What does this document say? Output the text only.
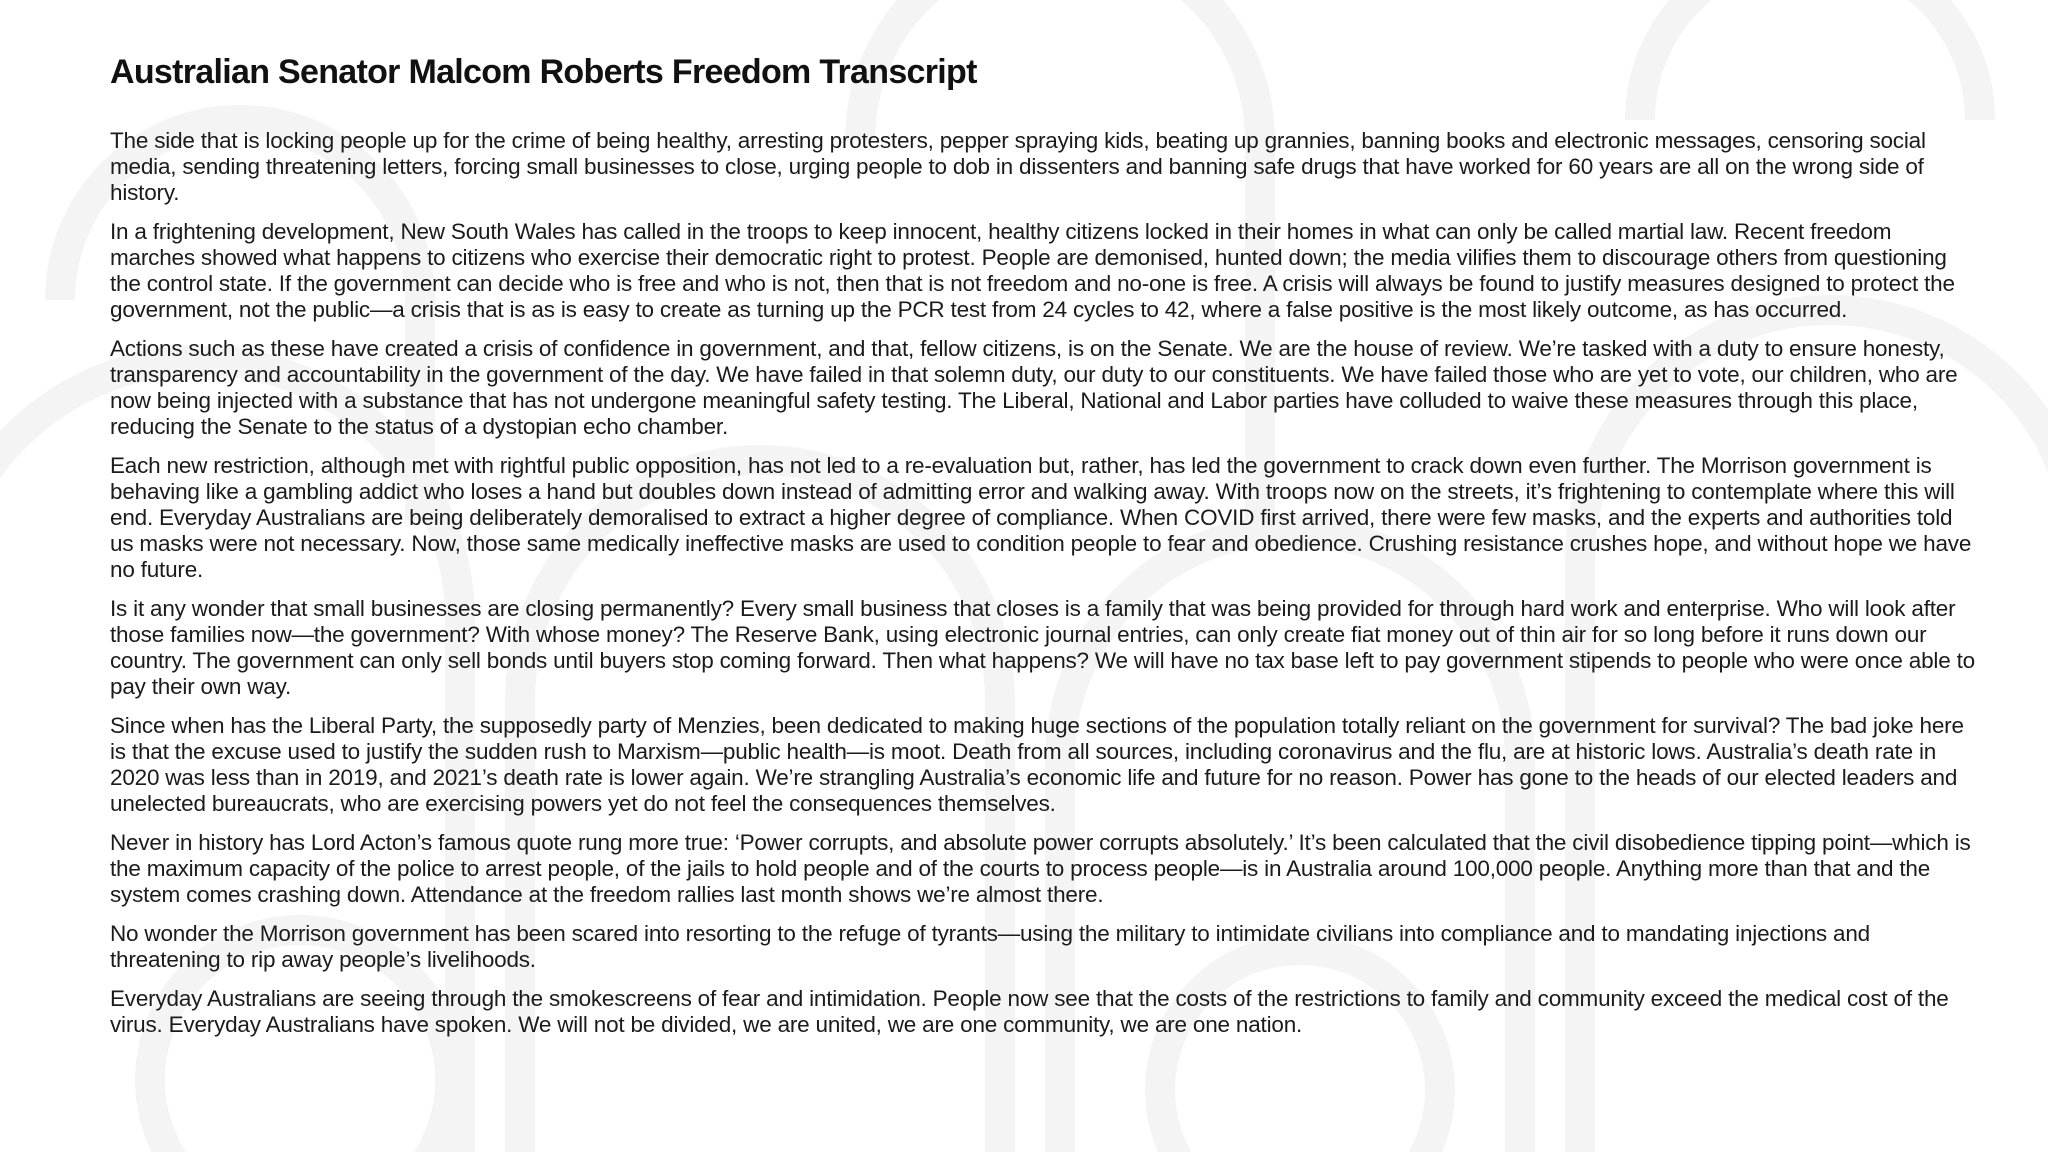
Australian Senator Malcom Roberts Freedom Transcript

The side that is locking people up for the crime of being healthy, arresting protesters, pepper spraying kids, beating up grannies, banning books and electronic messages, censoring social media, sending threatening letters, forcing small businesses to close, urging people to dob in dissenters and banning safe drugs that have worked for 60 years are all on the wrong side of history.

In a frightening development, New South Wales has called in the troops to keep innocent, healthy citizens locked in their homes in what can only be called martial law. Recent freedom marches showed what happens to citizens who exercise their democratic right to protest. People are demonised, hunted down; the media vilifies them to discourage others from questioning the control state. If the government can decide who is free and who is not, then that is not freedom and no-one is free. A crisis will always be found to justify measures designed to protect the government, not the public—a crisis that is as is easy to create as turning up the PCR test from 24 cycles to 42, where a false positive is the most likely outcome, as has occurred.

Actions such as these have created a crisis of confidence in government, and that, fellow citizens, is on the Senate. We are the house of review. We’re tasked with a duty to ensure honesty, transparency and accountability in the government of the day. We have failed in that solemn duty, our duty to our constituents. We have failed those who are yet to vote, our children, who are now being injected with a substance that has not undergone meaningful safety testing. The Liberal, National and Labor parties have colluded to waive these measures through this place, reducing the Senate to the status of a dystopian echo chamber.

Each new restriction, although met with rightful public opposition, has not led to a re-evaluation but, rather, has led the government to crack down even further. The Morrison government is behaving like a gambling addict who loses a hand but doubles down instead of admitting error and walking away. With troops now on the streets, it’s frightening to contemplate where this will end. Everyday Australians are being deliberately demoralised to extract a higher degree of compliance. When COVID first arrived, there were few masks, and the experts and authorities told us masks were not necessary. Now, those same medically ineffective masks are used to condition people to fear and obedience. Crushing resistance crushes hope, and without hope we have no future.

Is it any wonder that small businesses are closing permanently? Every small business that closes is a family that was being provided for through hard work and enterprise. Who will look after those families now—the government? With whose money? The Reserve Bank, using electronic journal entries, can only create fiat money out of thin air for so long before it runs down our country. The government can only sell bonds until buyers stop coming forward. Then what happens? We will have no tax base left to pay government stipends to people who were once able to pay their own way.

Since when has the Liberal Party, the supposedly party of Menzies, been dedicated to making huge sections of the population totally reliant on the government for survival? The bad joke here is that the excuse used to justify the sudden rush to Marxism—public health—is moot. Death from all sources, including coronavirus and the flu, are at historic lows. Australia’s death rate in 2020 was less than in 2019, and 2021’s death rate is lower again. We’re strangling Australia’s economic life and future for no reason. Power has gone to the heads of our elected leaders and unelected bureaucrats, who are exercising powers yet do not feel the consequences themselves.

Never in history has Lord Acton’s famous quote rung more true: ‘Power corrupts, and absolute power corrupts absolutely.’ It’s been calculated that the civil disobedience tipping point—which is the maximum capacity of the police to arrest people, of the jails to hold people and of the courts to process people—is in Australia around 100,000 people. Anything more than that and the system comes crashing down. Attendance at the freedom rallies last month shows we’re almost there.

No wonder the Morrison government has been scared into resorting to the refuge of tyrants—using the military to intimidate civilians into compliance and to mandating injections and threatening to rip away people’s livelihoods.

Everyday Australians are seeing through the smokescreens of fear and intimidation. People now see that the costs of the restrictions to family and community exceed the medical cost of the virus. Everyday Australians have spoken. We will not be divided, we are united, we are one community, we are one nation.
